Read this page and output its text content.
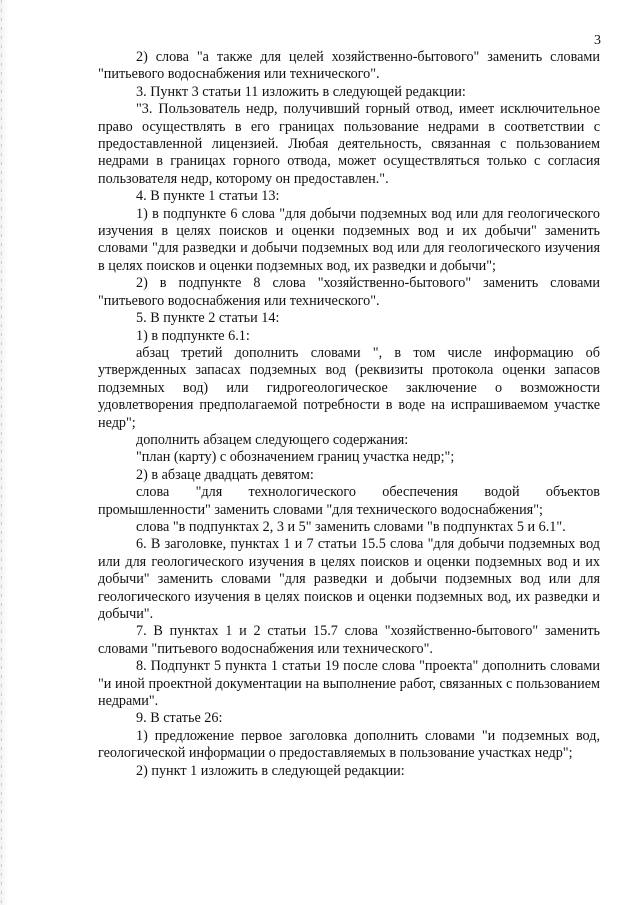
3

2) слова "а также для целей хозяйственно-бытового" заменить словами "питьевого водоснабжения или технического".

3. Пункт 3 статьи 11 изложить в следующей редакции:

"3. Пользователь недр, получивший горный отвод, имеет исключительное право осуществлять в его границах пользование недрами в соответствии с предоставленной лицензией. Любая деятельность, связанная с пользованием недрами в границах горного отвода, может осуществляться только с согласия пользователя недр, которому он предоставлен.".

4. В пункте 1 статьи 13:

1) в подпункте 6 слова "для добычи подземных вод или для геологического изучения в целях поисков и оценки подземных вод и их добычи" заменить словами "для разведки и добычи подземных вод или для геологического изучения в целях поисков и оценки подземных вод, их разведки и добычи";

2) в подпункте 8 слова "хозяйственно-бытового" заменить словами "питьевого водоснабжения или технического".

5. В пункте 2 статьи 14:

1) в подпункте 6.1:

абзац третий дополнить словами ", в том числе информацию об утвержденных запасах подземных вод (реквизиты протокола оценки запасов подземных вод) или гидрогеологическое заключение о возможности удовлетворения предполагаемой потребности в воде на испрашиваемом участке недр";

дополнить абзацем следующего содержания:

"план (карту) с обозначением границ участка недр;";

2) в абзаце двадцать девятом:

слова "для технологического обеспечения водой объектов промышленности" заменить словами "для технического водоснабжения";

слова "в подпунктах 2, 3 и 5" заменить словами "в подпунктах 5 и 6.1".

6. В заголовке, пунктах 1 и 7 статьи 15.5 слова "для добычи подземных вод или для геологического изучения в целях поисков и оценки подземных вод и их добычи" заменить словами "для разведки и добычи подземных вод или для геологического изучения в целях поисков и оценки подземных вод, их разведки и добычи".

7. В пунктах 1 и 2 статьи 15.7 слова "хозяйственно-бытового" заменить словами "питьевого водоснабжения или технического".

8. Подпункт 5 пункта 1 статьи 19 после слова "проекта" дополнить словами "и иной проектной документации на выполнение работ, связанных с пользованием недрами".

9. В статье 26:

1) предложение первое заголовка дополнить словами "и подземных вод, геологической информации о предоставляемых в пользование участках недр";

2) пункт 1 изложить в следующей редакции:
